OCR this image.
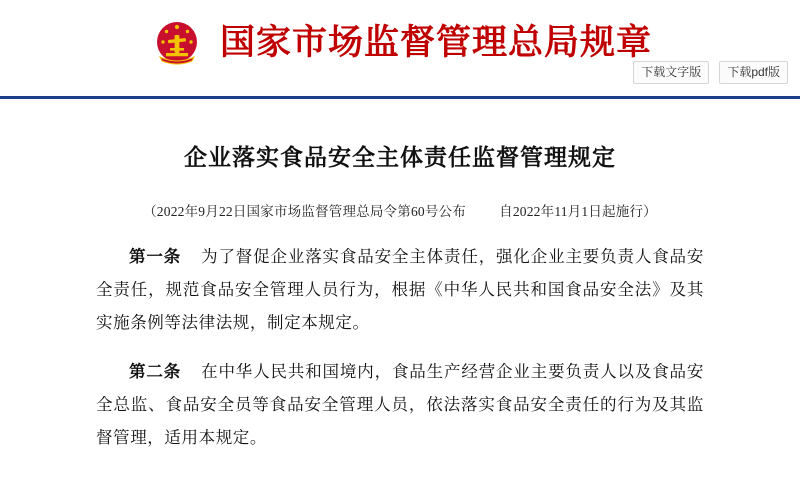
国家市场监督管理总局规章
下载文字版	下载pdf版
企业落实食品安全主体责任监督管理规定
（2022年9月22日国家市场监督管理总局令第60号公布 自2022年11月1日起施行）

第一条 为了督促企业落实食品安全主体责任，强化企业主要负责人食品安全责任，规范食品安全管理人员行为，根据《中华人民共和国食品安全法》及其实施条例等法律法规，制定本规定。

第二条 在中华人民共和国境内，食品生产经营企业主要负责人以及食品安全总监、食品安全员等食品安全管理人员，依法落实食品安全责任的行为及其监督管理，适用本规定。
